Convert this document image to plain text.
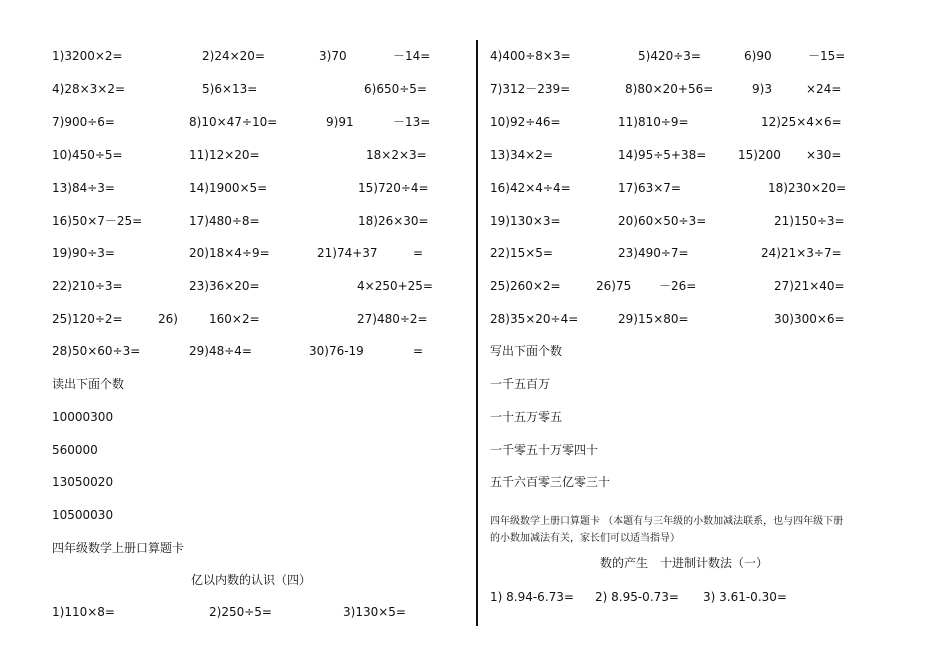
1)3200×2=	2)24×20=	3)70	－14=
4)28×3×2=	5)6×13=	6)650÷5=
7)900÷6=	8)10×47÷10=	9)91	－13=
10)450÷5=	11)12×20=	18×2×3=
13)84÷3=	14)1900×5=	15)720÷4=
16)50×7－25=	17)480÷8=	18)26×30=
19)90÷3=	20)18×4÷9=	21)74+37	=
22)210÷3=	23)36×20=	4×250+25=
25)120÷2=	26)	160×2=	27)480÷2=
28)50×60÷3=	29)48÷4=	30)76-19	=
读出下面个数
10000300
560000
13050020
10500030
四年级数学上册口算题卡
亿以内数的认识（四）
1)110×8=	2)250÷5=	3)130×5=
4)400÷8×3=	5)420÷3=	6)90	－15=
7)312－239=	8)80×20+56=	9)3	×24=
10)92÷46=	11)810÷9=	12)25×4×6=
13)34×2=	14)95÷5+38=	15)200 ×30=
16)42×4÷4=	17)63×7=	18)230×20=
19)130×3=	20)60×50÷3=	21)150÷3=
22)15×5=	23)490÷7=	24)21×3÷7=
25)260×2=	26)75 －26=	27)21×40=
28)35×20÷4=	29)15×80=	30)300×6=
写出下面个数
一千五百万
一十五万零五
一千零五十万零四十
五千六百零三亿零三十
四年级数学上册口算题卡 （本题有与三年级的小数加减法联系，也与四年级下册
的小数加减法有关，家长们可以适当指导）
数的产生　十进制计数法（一）
1) 8.94-6.73= 2) 8.95-0.73= 3) 3.61-0.30=
